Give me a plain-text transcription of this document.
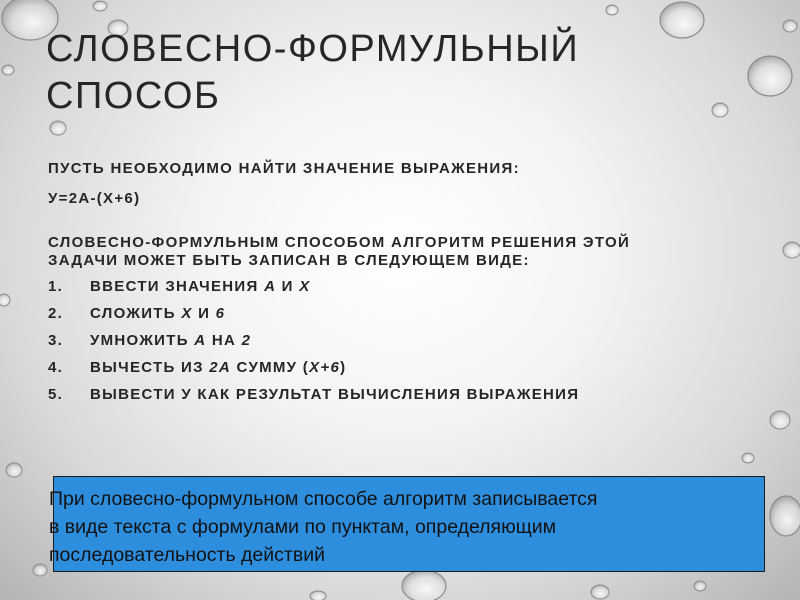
СЛОВЕСНО-ФОРМУЛЬНЫЙ
СПОСОБ
ПУСТЬ НЕОБХОДИМО НАЙТИ ЗНАЧЕНИЕ ВЫРАЖЕНИЯ:
У=2А-(Х+6)
СЛОВЕСНО-ФОРМУЛЬНЫМ СПОСОБОМ АЛГОРИТМ РЕШЕНИЯ ЭТОЙ
ЗАДАЧИ МОЖЕТ БЫТЬ ЗАПИСАН В СЛЕДУЮЩЕМ ВИДЕ:
1.	ВВЕСТИ ЗНАЧЕНИЯ А И Х
2.	СЛОЖИТЬ Х И 6
3.	УМНОЖИТЬ А НА 2
4.	ВЫЧЕСТЬ ИЗ 2А СУММУ (Х+6)
5.	ВЫВЕСТИ У КАК РЕЗУЛЬТАТ ВЫЧИСЛЕНИЯ ВЫРАЖЕНИЯ
При словесно-формульном способе алгоритм записывается
в виде текста с формулами по пунктам, определяющим
последовательность действий
